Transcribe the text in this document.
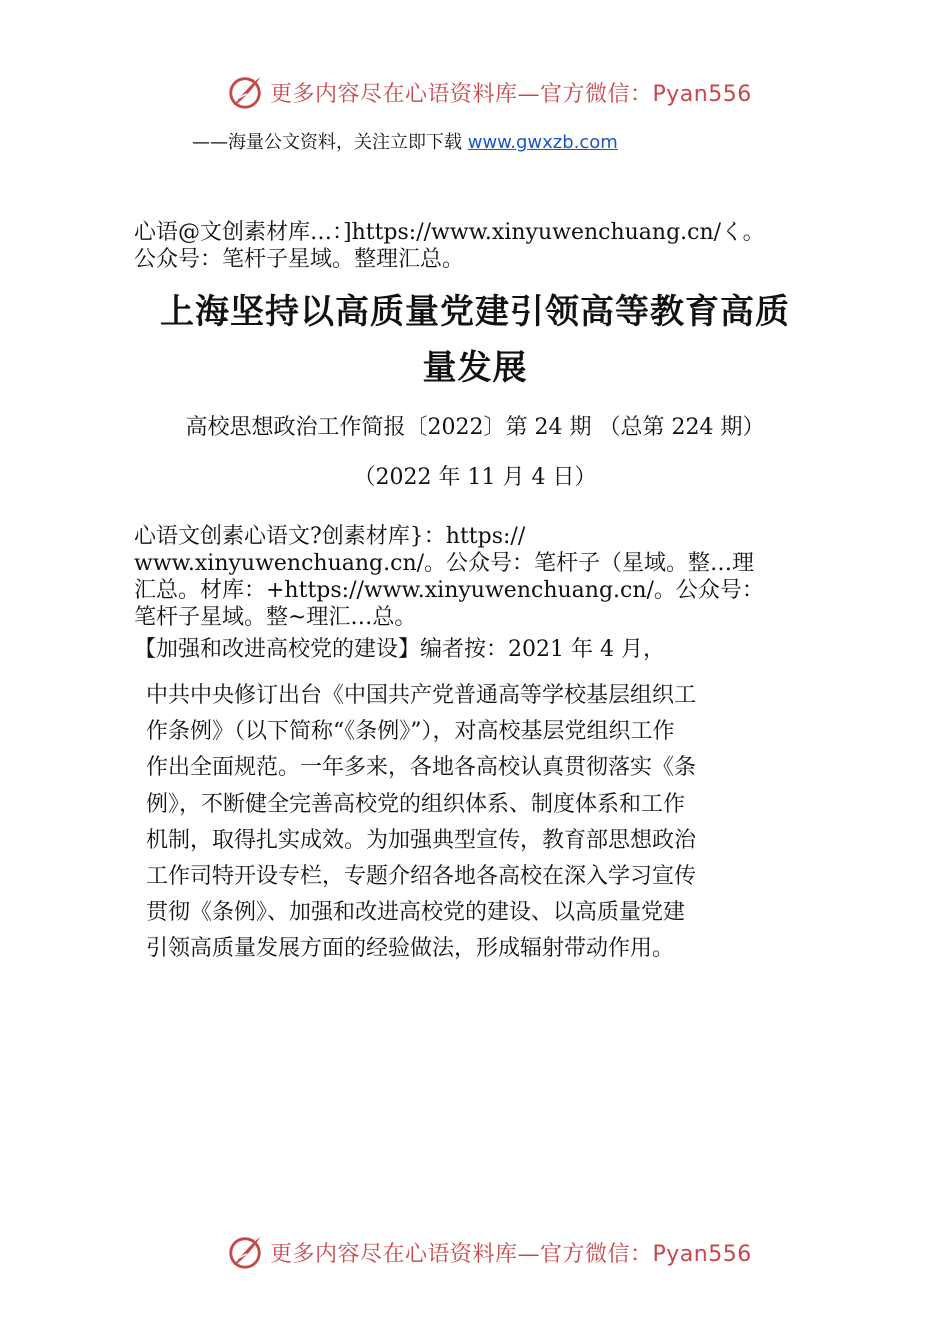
更多内容尽在心语资料库—官方微信：Pyan556
——海量公文资料，关注立即下载 www.gwxzb.com
心语@文创素材库…：]https://www.xinyuwenchuang.cn/く。
公众号：笔杆子星域。整理汇总。
上海坚持以高质量党建引领高等教育高质
量发展
高校思想政治工作简报〔2022〕第 24 期 （总第 224 期）
（2022 年 11 月 4 日）
心语文创素心语文?创素材库}：https://
www.xinyuwenchuang.cn/。公众号：笔杆子（星域。整…理
汇总。材库：+https://www.xinyuwenchuang.cn/。公众号：
笔杆子星域。整~理汇…总。
【加强和改进高校党的建设】编者按：2021 年 4 月，
中共中央修订出台《中国共产党普通高等学校基层组织工
作条例》（以下简称“《条例》”），对高校基层党组织工作
作出全面规范。一年多来，各地各高校认真贯彻落实《条
例》，不断健全完善高校党的组织体系、制度体系和工作
机制，取得扎实成效。为加强典型宣传，教育部思想政治
工作司特开设专栏，专题介绍各地各高校在深入学习宣传
贯彻《条例》、加强和改进高校党的建设、以高质量党建
引领高质量发展方面的经验做法，形成辐射带动作用。
更多内容尽在心语资料库—官方微信：Pyan556
